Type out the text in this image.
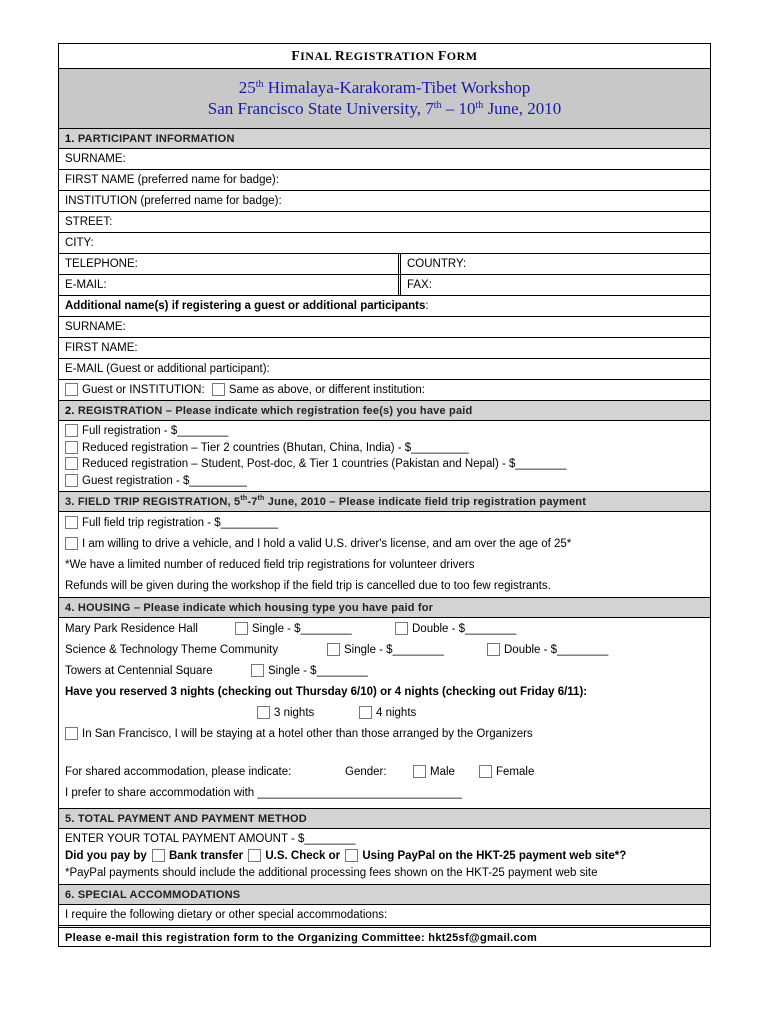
FINAL REGISTRATION FORM
25th Himalaya-Karakoram-Tibet Workshop
San Francisco State University, 7th – 10th June, 2010
1. PARTICIPANT INFORMATION
SURNAME:
FIRST NAME (preferred name for badge):
INSTITUTION (preferred name for badge):
STREET:
CITY:
TELEPHONE:	COUNTRY:
E-MAIL:	FAX:
Additional name(s) if registering a guest or additional participants:
SURNAME:
FIRST NAME:
E-MAIL (Guest or additional participant):
Guest or INSTITUTION: Same as above, or different institution:
2. REGISTRATION – Please indicate which registration fee(s) you have paid
Full registration - $________
Reduced registration – Tier 2 countries (Bhutan, China, India) - $_________
Reduced registration – Student, Post-doc, & Tier 1 countries (Pakistan and Nepal) - $________
Guest registration - $_________
3. FIELD TRIP REGISTRATION, 5th-7th June, 2010 – Please indicate field trip registration payment
Full field trip registration - $_________
I am willing to drive a vehicle, and I hold a valid U.S. driver's license, and am over the age of 25*
*We have a limited number of reduced field trip registrations for volunteer drivers
Refunds will be given during the workshop if the field trip is cancelled due to too few registrants.
4. HOUSING – Please indicate which housing type you have paid for
Mary Park Residence Hall	Single - $________	Double - $________
Science & Technology Theme Community	Single - $________	Double - $________
Towers at Centennial Square	Single - $________
Have you reserved 3 nights (checking out Thursday 6/10) or 4 nights (checking out Friday 6/11):
3 nights	4 nights
In San Francisco, I will be staying at a hotel other than those arranged by the Organizers
For shared accommodation, please indicate:	Gender:	Male	Female
I prefer to share accommodation with ________________________________
5. TOTAL PAYMENT AND PAYMENT METHOD
ENTER YOUR TOTAL PAYMENT AMOUNT - $________
Did you pay by Bank transfer U.S. Check or Using PayPal on the HKT-25 payment web site*?
*PayPal payments should include the additional processing fees shown on the HKT-25 payment web site
6. SPECIAL ACCOMMODATIONS
I require the following dietary or other special accommodations:
Please e-mail this registration form to the Organizing Committee: hkt25sf@gmail.com
